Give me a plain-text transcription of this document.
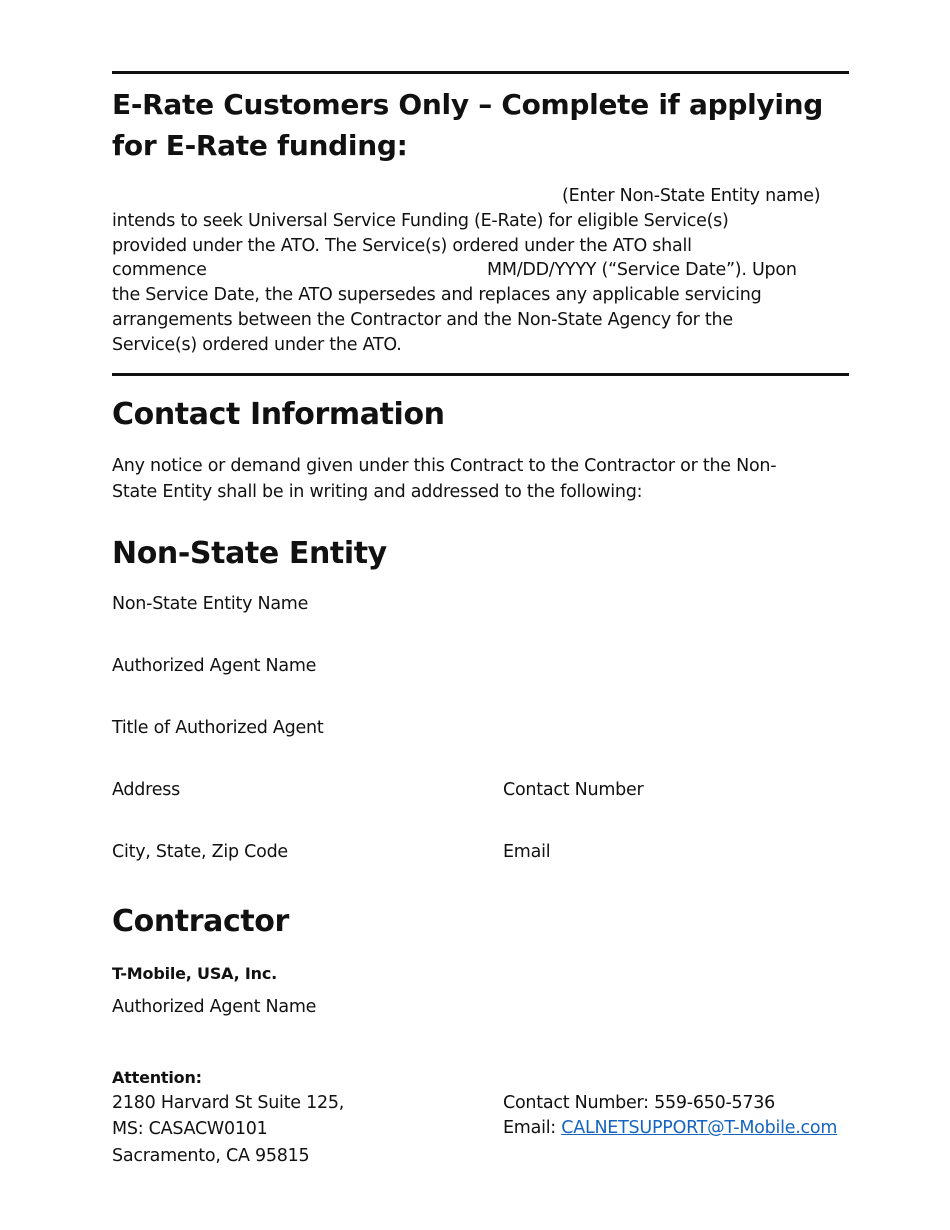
E-Rate Customers Only – Complete if applying
for E-Rate funding:
(Enter Non-State Entity name)
intends to seek Universal Service Funding (E-Rate) for eligible Service(s)
provided under the ATO. The Service(s) ordered under the ATO shall
commence	MM/DD/YYYY (“Service Date”). Upon
the Service Date, the ATO supersedes and replaces any applicable servicing
arrangements between the Contractor and the Non-State Agency for the
Service(s) ordered under the ATO.
Contact Information
Any notice or demand given under this Contract to the Contractor or the Non-
State Entity shall be in writing and addressed to the following:
Non-State Entity
Non-State Entity Name
Authorized Agent Name
Title of Authorized Agent
Address	Contact Number
City, State, Zip Code	Email
Contractor
T-Mobile, USA, Inc.
Authorized Agent Name
Attention:
2180 Harvard St Suite 125,
MS: CASACW0101
Sacramento, CA 95815
Contact Number: 559-650-5736
Email: CALNETSUPPORT@T-Mobile.com
